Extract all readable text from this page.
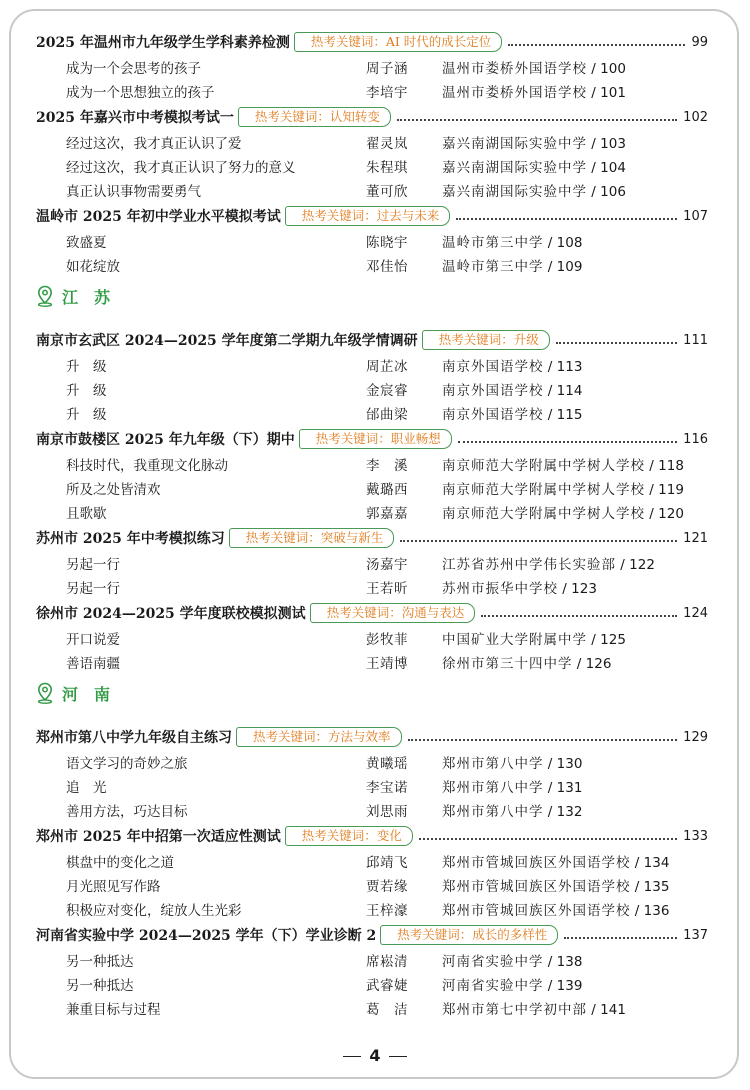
2025 年温州市九年级学生学科素养检测	热考关键词：AI 时代的成长定位	99
成为一个会思考的孩子	周子涵	温州市娄桥外国语学校 / 100
成为一个思想独立的孩子	李培宇	温州市娄桥外国语学校 / 101
2025 年嘉兴市中考模拟考试一	热考关键词：认知转变	102
经过这次，我才真正认识了爱	翟灵岚	嘉兴南湖国际实验中学 / 103
经过这次，我才真正认识了努力的意义	朱程琪	嘉兴南湖国际实验中学 / 104
真正认识事物需要勇气	董可欣	嘉兴南湖国际实验中学 / 106
温岭市 2025 年初中学业水平模拟考试	热考关键词：过去与未来	107
致盛夏	陈晓宇	温岭市第三中学 / 108
如花绽放	邓佳怡	温岭市第三中学 / 109
江　苏
南京市玄武区 2024—2025 学年度第二学期九年级学情调研	热考关键词：升级	111
升　级	周芷冰	南京外国语学校 / 113
升　级	金宸睿	南京外国语学校 / 114
升　级	邰曲梁	南京外国语学校 / 115
南京市鼓楼区 2025 年九年级（下）期中	热考关键词：职业畅想	116
科技时代，我重现文化脉动	李　溪	南京师范大学附属中学树人学校 / 118
所及之处皆清欢	戴璐西	南京师范大学附属中学树人学校 / 119
且歌歇	郭嘉嘉	南京师范大学附属中学树人学校 / 120
苏州市 2025 年中考模拟练习	热考关键词：突破与新生	121
另起一行	汤嘉宇	江苏省苏州中学伟长实验部 / 122
另起一行	王若昕	苏州市振华中学校 / 123
徐州市 2024—2025 学年度联校模拟测试	热考关键词：沟通与表达	124
开口说爱	彭牧菲	中国矿业大学附属中学 / 125
善语南疆	王靖博	徐州市第三十四中学 / 126
河　南
郑州市第八中学九年级自主练习	热考关键词：方法与效率	129
语文学习的奇妙之旅	黄曦瑶	郑州市第八中学 / 130
追　光	李宝诺	郑州市第八中学 / 131
善用方法，巧达目标	刘思雨	郑州市第八中学 / 132
郑州市 2025 年中招第一次适应性测试	热考关键词：变化	133
棋盘中的变化之道	邱靖飞	郑州市管城回族区外国语学校 / 134
月光照见写作路	贾若缘	郑州市管城回族区外国语学校 / 135
积极应对变化，绽放人生光彩	王梓濠	郑州市管城回族区外国语学校 / 136
河南省实验中学 2024—2025 学年（下）学业诊断 2	热考关键词：成长的多样性	137
另一种抵达	席崧清	河南省实验中学 / 138
另一种抵达	武睿婕	河南省实验中学 / 139
兼重目标与过程	葛　洁	郑州市第七中学初中部 / 141
4
